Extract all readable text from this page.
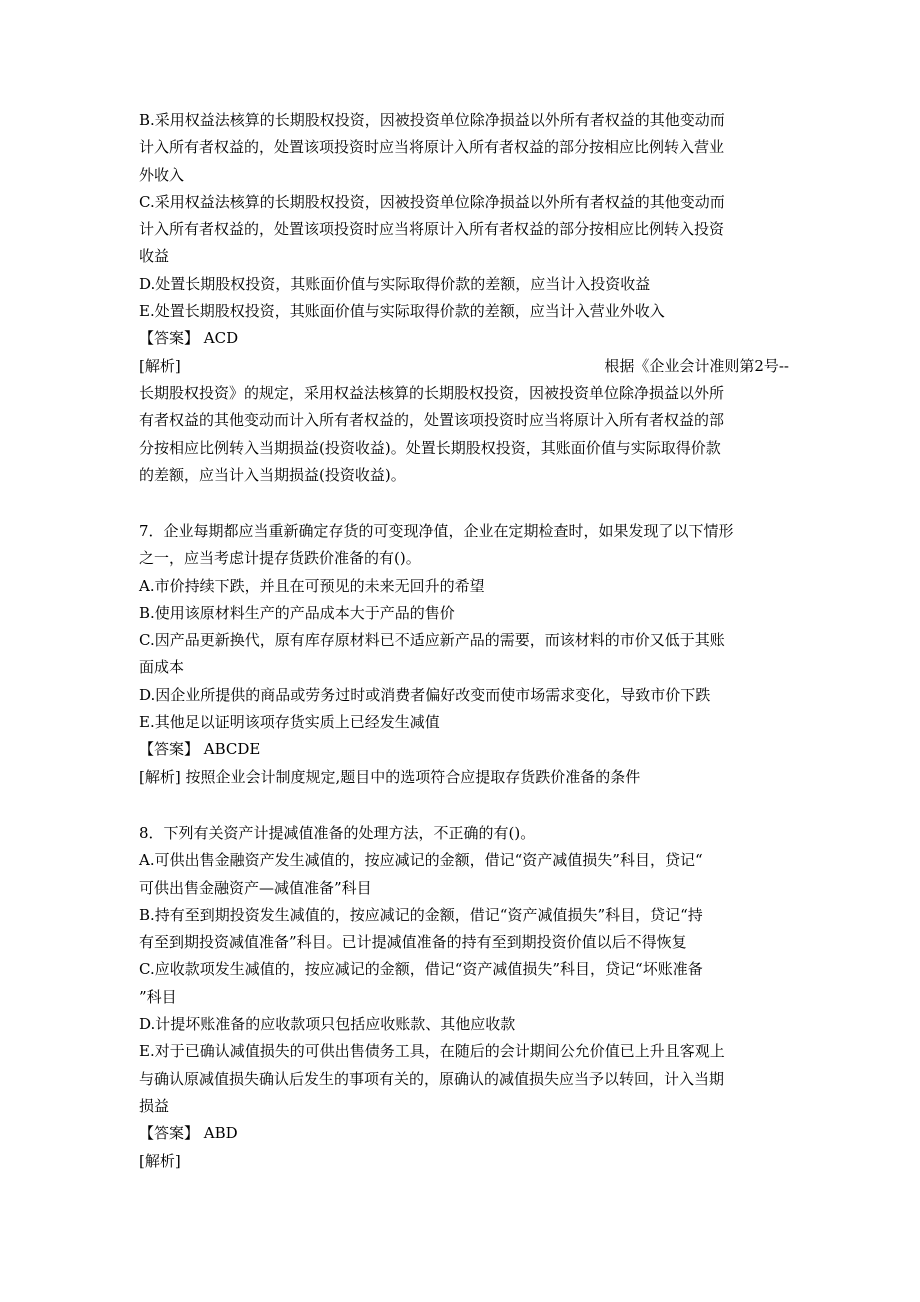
B.采用权益法核算的长期股权投资，因被投资单位除净损益以外所有者权益的其他变动而
计入所有者权益的，处置该项投资时应当将原计入所有者权益的部分按相应比例转入营业
外收入
C.采用权益法核算的长期股权投资，因被投资单位除净损益以外所有者权益的其他变动而
计入所有者权益的，处置该项投资时应当将原计入所有者权益的部分按相应比例转入投资
收益
D.处置长期股权投资，其账面价值与实际取得价款的差额，应当计入投资收益
E.处置长期股权投资，其账面价值与实际取得价款的差额，应当计入营业外收入
【答案】 ACD
[解析]	根据《企业会计准则第2号--
长期股权投资》的规定，采用权益法核算的长期股权投资，因被投资单位除净损益以外所
有者权益的其他变动而计入所有者权益的，处置该项投资时应当将原计入所有者权益的部
分按相应比例转入当期损益(投资收益)。处置长期股权投资，其账面价值与实际取得价款
的差额，应当计入当期损益(投资收益)。
7．企业每期都应当重新确定存货的可变现净值，企业在定期检查时，如果发现了以下情形
之一，应当考虑计提存货跌价准备的有()。
A.市价持续下跌，并且在可预见的未来无回升的希望
B.使用该原材料生产的产品成本大于产品的售价
C.因产品更新换代，原有库存原材料已不适应新产品的需要，而该材料的市价又低于其账
面成本
D.因企业所提供的商品或劳务过时或消费者偏好改变而使市场需求变化，导致市价下跌
E.其他足以证明该项存货实质上已经发生减值
【答案】 ABCDE
[解析] 按照企业会计制度规定,题目中的选项符合应提取存货跌价准备的条件
8．下列有关资产计提减值准备的处理方法，不正确的有()。
A.可供出售金融资产发生减值的，按应减记的金额，借记“资产减值损失”科目，贷记“
可供出售金融资产—减值准备”科目
B.持有至到期投资发生减值的，按应减记的金额，借记“资产减值损失”科目，贷记“持
有至到期投资减值准备”科目。已计提减值准备的持有至到期投资价值以后不得恢复
C.应收款项发生减值的，按应减记的金额，借记“资产减值损失”科目，贷记“坏账准备
”科目
D.计提坏账准备的应收款项只包括应收账款、其他应收款
E.对于已确认减值损失的可供出售债务工具，在随后的会计期间公允价值已上升且客观上
与确认原减值损失确认后发生的事项有关的，原确认的减值损失应当予以转回，计入当期
损益
【答案】 ABD
[解析]
